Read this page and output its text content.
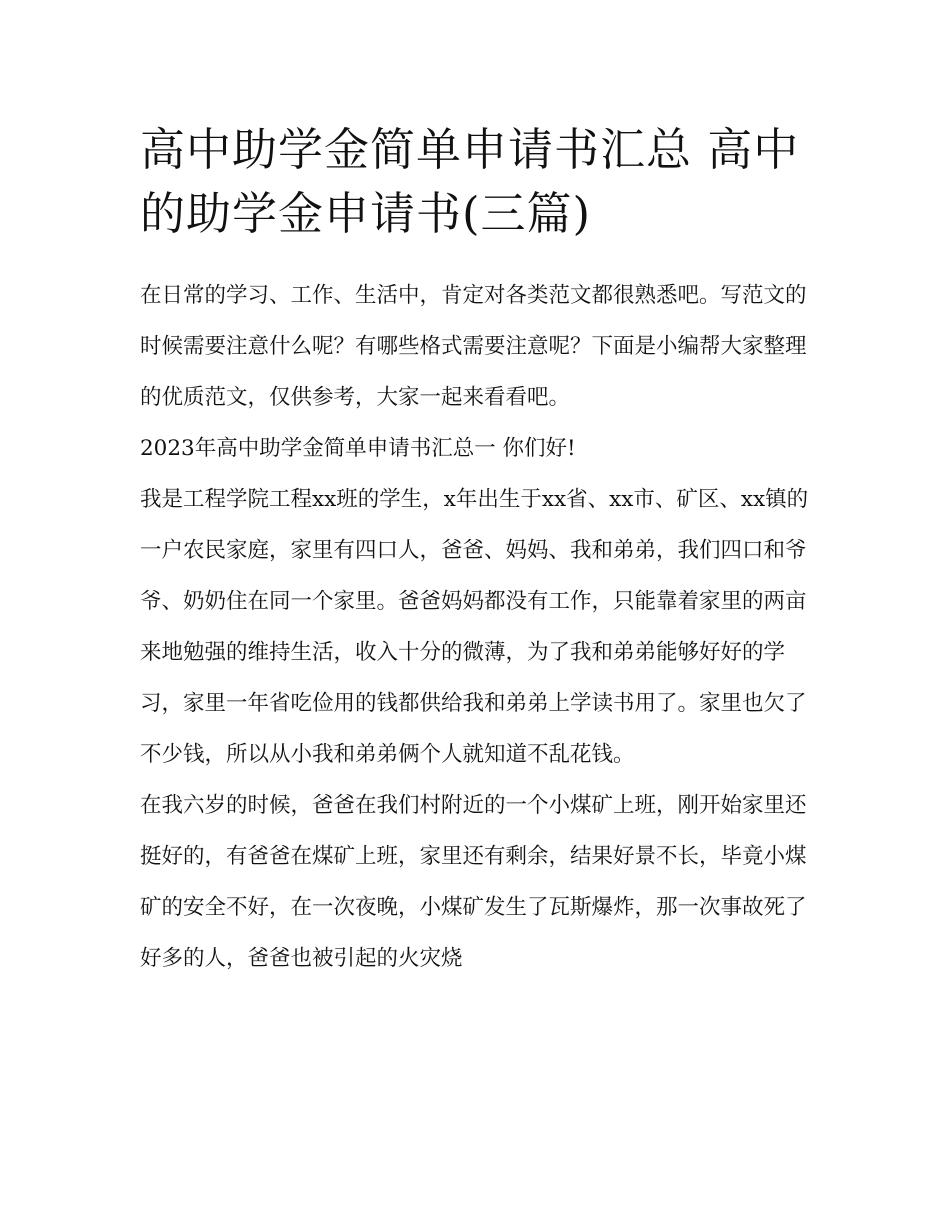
高中助学金简单申请书汇总 高中的助学金申请书(三篇)

在日常的学习、工作、生活中，肯定对各类范文都很熟悉吧。写范文的时候需要注意什么呢？有哪些格式需要注意呢？下面是小编帮大家整理的优质范文，仅供参考，大家一起来看看吧。

2023年高中助学金简单申请书汇总一 你们好!

我是工程学院工程xx班的学生，x年出生于xx省、xx市、矿区、xx镇的一户农民家庭，家里有四口人，爸爸、妈妈、我和弟弟，我们四口和爷爷、奶奶住在同一个家里。爸爸妈妈都没有工作，只能靠着家里的两亩来地勉强的维持生活，收入十分的微薄，为了我和弟弟能够好好的学习，家里一年省吃俭用的钱都供给我和弟弟上学读书用了。家里也欠了不少钱，所以从小我和弟弟俩个人就知道不乱花钱。

在我六岁的时候，爸爸在我们村附近的一个小煤矿上班，刚开始家里还挺好的，有爸爸在煤矿上班，家里还有剩余，结果好景不长，毕竟小煤矿的安全不好，在一次夜晚，小煤矿发生了瓦斯爆炸，那一次事故死了好多的人，爸爸也被引起的火灾烧
